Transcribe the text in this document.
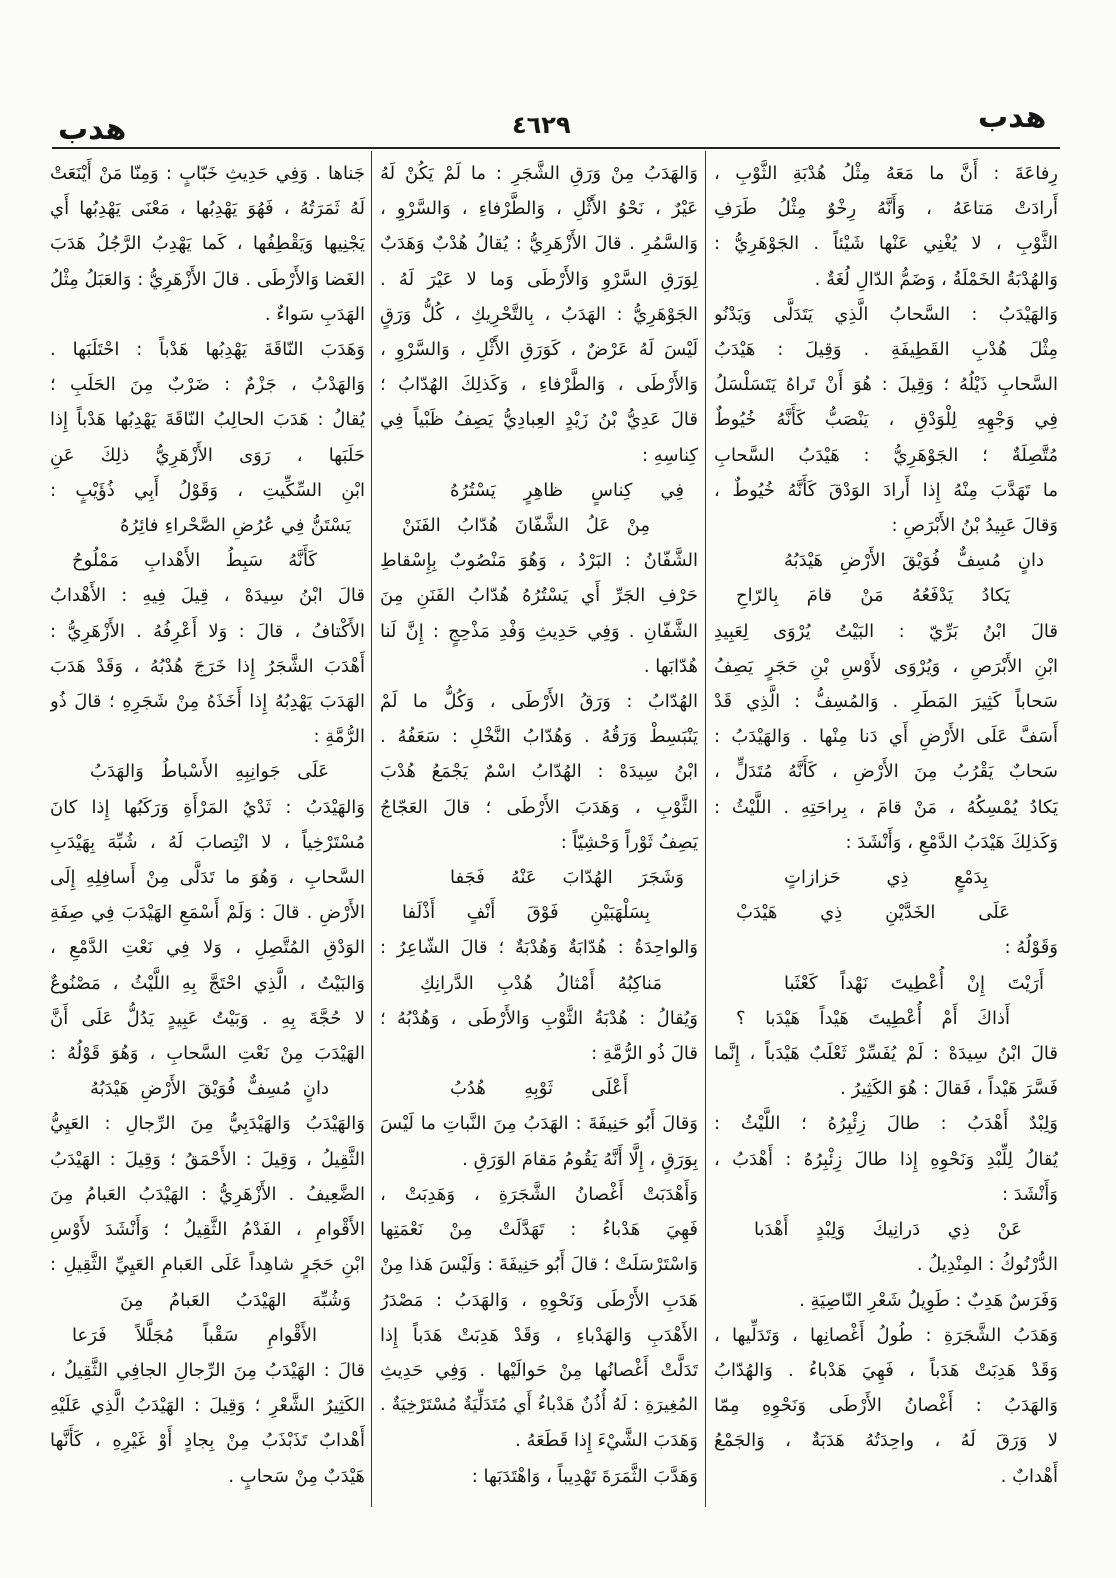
هدب
٤٦٢٩
هدب
رِفاعَةَ : أَنَّ ما مَعَهُ مِثْلُ هُدْبَةِ الثَّوْبِ ،
أَرادَتْ مَتاعَهُ ، وَأَنَّهُ رِخْوٌ مِثْلُ طَرَفِ
الثَّوْبِ ، لا يُغْنِي عَنْها شَيْئاً . الجَوْهَرِيُّ :
وَالهُدْبَةُ الخَمْلَةُ ، وَضَمُّ الدّالِ لُغَةٌ .
وَالهَيْدَبُ : السَّحابُ الَّذِي يَتَدَلَّى وَيَدْنُو
مِثْلَ هُدْبِ القَطِيفَةِ . وَقِيلَ : هَيْدَبُ
السَّحابِ ذَيْلُهُ ؛ وَقِيلَ : هُوَ أَنْ تَراهُ يَتَسَلْسَلُ
فِي وَجْهِهِ لِلْوَدْقِ ، يَنْصَبُّ كَأَنَّهُ خُيُوطٌ
مُتَّصِلَةٌ ؛ الجَوْهَرِيُّ : هَيْدَبُ السَّحابِ
ما تَهَدَّبَ مِنْهُ إِذا أَرادَ الوَدْقَ كَأَنَّهُ خُيُوطٌ ،
وَقالَ عَبِيدُ بْنُ الأَبْرَصِ :
دانٍ مُسِفٌّ فُوَيْقَ الأَرْضِ هَيْدَبُهُ
يَكادُ يَدْفَعُهُ مَنْ قامَ بِالرّاحِ
قالَ ابْنُ بَرِّيّ : البَيْتُ يُرْوَى لِعَبِيدِ
ابْنِ الأَبْرَصِ ، وَيُرْوَى لأَوْسِ بْنِ حَجَرٍ يَصِفُ
سَحاباً كَثِيرَ المَطَرِ . وَالمُسِفُّ : الَّذِي قَدْ
أَسَفَّ عَلَى الأَرْضِ أَي دَنا مِنْها . وَالهَيْدَبُ :
سَحابٌ يَقْرُبُ مِنَ الأَرْضِ ، كَأَنَّهُ مُتَدَلٍّ ،
يَكادُ يُمْسِكُهُ ، مَنْ قامَ ، بِراحَتِهِ . اللَّيْثُ :
وَكَذلِكَ هَيْدَبُ الدَّمْعِ ، وَأَنْشَدَ :
بِدَمْعٍ ذِي حَزازاتٍ
عَلَى الخَدَّيْنِ ذِي هَيْدَبْ
وَقَوْلُهُ :
أَرَيْتَ إِنْ أُعْطِيتَ نَهْداً كَعْثَبا
أَذاكَ أَمْ أُعْطِيتَ هَيْداً هَيْدَبا ؟
قالَ ابْنُ سِيدَهْ : لَمْ يُفَسِّرْ ثَعْلَبٌ هَيْدَباً ، إِنَّما
فَسَّرَ هَيْداً ، فَقالَ : هُوَ الكَثِيرُ .
وَلِبْدٌ أَهْدَبُ : طالَ زِئْبِرُهُ ؛ اللَّيْثُ :
يُقالُ لِلِّبْدِ وَنَحْوِهِ إِذا طالَ زِئْبِرُهُ : أَهْدَبُ ،
وَأَنْشَدَ :
عَنْ ذِي دَرانِيكَ وَلِبْدٍ أَهْدَبا
الدُّرْنُوكُ : المِنْدِيلُ .
وَفَرَسٌ هَدِبٌ : طَوِيلُ شَعْرِ النّاصِيَةِ .
وَهَدَبُ الشَّجَرَةِ : طُولُ أَغْصانِها ، وَتَدَلِّيها ،
وَقَدْ هَدِبَتْ هَدَباً ، فَهِيَ هَدْباءُ . وَالهُدّابُ
وَالهَدَبُ : أَغْصانُ الأَرْطَى وَنَحْوِهِ مِمّا
لا وَرَقَ لَهُ ، واحِدَتُهُ هَدَبَةٌ ، وَالجَمْعُ
أَهْدابٌ .
وَالهَدَبُ مِنْ وَرَقِ الشَّجَرِ : ما لَمْ يَكُنْ لَهُ
عَيْرٌ ، نَحْوُ الأَثْلِ ، وَالطَّرْفاءِ ، وَالسَّرْوِ ،
وَالسَّمُرِ . قالَ الأَزْهَرِيُّ : يُقالُ هُدْبٌ وَهَدَبٌ
لِوَرَقِ السَّرْوِ وَالأَرْطَى وَما لا عَيْرَ لَهُ .
الجَوْهَرِيُّ : الهَدَبُ ، بِالتَّحْرِيكِ ، كُلُّ وَرَقٍ
لَيْسَ لَهُ عَرْضٌ ، كَوَرَقِ الأَثْلِ ، وَالسَّرْوِ ،
وَالأَرْطَى ، وَالطَّرْفاءِ ، وَكَذلِكَ الهُدّابُ ؛
قالَ عَدِيُّ بْنُ زَيْدٍ العِبادِيُّ يَصِفُ ظَبْياً فِي
كِناسِهِ :
فِي كِناسٍ ظاهِرٍ يَسْتُرُهُ
مِنْ عَلُ الشَّفّانَ هُدّابُ الفَنَنْ
الشَّفّانُ : البَرْدُ ، وَهُوَ مَنْصُوبٌ بِإِسْقاطِ
حَرْفِ الجَرِّ أَي يَسْتُرُهُ هُدّابُ الفَنَنِ مِنَ
الشَّفّانِ . وَفِي حَدِيثِ وَفْدِ مَذْحِجٍ : إِنَّ لَنا
هُدّابَها .
الهُدّابُ : وَرَقُ الأَرْطَى ، وَكُلُّ ما لَمْ
يَنْبَسِطْ وَرَقُهُ . وَهُدّابُ النَّخْلِ : سَعَفُهُ .
ابْنُ سِيدَهْ : الهُدّابُ اسْمٌ يَجْمَعُ هُدْبَ
الثَّوْبِ ، وَهَدَبَ الأَرْطَى ؛ قالَ العَجّاجُ
يَصِفُ ثَوْراً وَحْشِيّاً :
وَشَجَرَ الهُدّابَ عَنْهُ فَجَفا
بِسَلْهَبَيْنِ فَوْقَ أَنْفٍ أَذْلَفا
وَالواحِدَةُ : هُدّابَةٌ وَهُدْبَةٌ ؛ قالَ الشّاعِرُ :
مَناكِبُهُ أَمْثالُ هُدْبِ الدَّرانِكِ
وَيُقالُ : هُدْبَةُ الثَّوْبِ وَالأَرْطَى ، وَهُدْبُهُ ؛
قالَ ذُو الرُّمَّةِ :
أَعْلَى ثَوْبِهِ هُدُبُ
وَقالَ أَبُو حَنِيفَةَ : الهَدَبُ مِنَ النَّباتِ ما لَيْسَ
بِوَرَقٍ ، إِلَّا أَنَّهُ يَقُومُ مَقامَ الوَرَقِ .
وَأَهْدَبَتْ أَغْصانُ الشَّجَرَةِ ، وَهَدِبَتْ ،
فَهِيَ هَدْباءُ : تَهَدَّلَتْ مِنْ نَعْمَتِها
وَاسْتَرْسَلَتْ ؛ قالَ أَبُو حَنِيفَةَ : وَلَيْسَ هَذا مِنْ
هَدَبِ الأَرْطَى وَنَحْوِهِ ، وَالهَدَبُ : مَصْدَرُ
الأَهْدَبِ وَالهَدْباءِ ، وَقَدْ هَدِبَتْ هَدَباً إِذا
تَدَلَّتْ أَغْصانُها مِنْ حَوالَيْها . وَفِي حَدِيثِ
المُغِيرَةِ : لَهُ أُذُنٌ هَدْباءُ أَي مُتَدَلِّيَةٌ مُسْتَرْخِيَةٌ .
وَهَدَبَ الشَّيْءَ إِذا قَطَعَهُ .
وَهَدَّبَ الثَّمَرَةَ تَهْدِيباً ، وَاهْتَدَبَها :
جَناها . وَفِي حَدِيثِ خَبّابٍ : وَمِنّا مَنْ أَيْنَعَتْ
لَهُ ثَمَرَتُهُ ، فَهُوَ يَهْدِبُها ، مَعْنَى يَهْدِبُها أَي
يَجْنِيها وَيَقْطِفُها ، كَما يَهْدِبُ الرَّجُلُ هَدَبَ
الغَضا وَالأَرْطَى . قالَ الأَزْهَرِيُّ : وَالعَبَلُ مِثْلُ
الهَدَبِ سَواءٌ .
وَهَدَبَ النّاقَةَ يَهْدِبُها هَدْباً : احْتَلَبَها .
وَالهَدْبُ ، جَزْمٌ : ضَرْبٌ مِنَ الحَلَبِ ؛
يُقالُ : هَدَبَ الحالِبُ النّاقَةَ يَهْدِبُها هَدْباً إِذا
حَلَبَها ، رَوَى الأَزْهَرِيُّ ذلِكَ عَنِ
ابْنِ السِّكِّيتِ ، وَقَوْلُ أَبِي ذُؤَيْبٍ :
يَسْتَنُّ فِي عُرُضِ الصَّحْراءِ فائِرُهُ
كَأَنَّهُ سَبِطُ الأَهْدابِ مَمْلُوحُ
قالَ ابْنُ سِيدَهْ ، قِيلَ فِيهِ : الأَهْدابُ
الأَكْتافُ ، قالَ : وَلا أَعْرِفُهُ . الأَزْهَرِيُّ :
أَهْدَبَ الشَّجَرُ إِذا خَرَجَ هُدْبُهُ ، وَقَدْ هَدَبَ
الهَدَبَ يَهْدِبُهُ إِذا أَخَذَهُ مِنْ شَجَرِهِ ؛ قالَ ذُو
الرُّمَّةِ :
عَلَى جَوانِبِهِ الأَسْباطُ وَالهَدَبُ
وَالهَيْدَبُ : ثَدْيُ المَرْأَةِ وَرَكَبُها إِذا كانَ
مُسْتَرْخِياً ، لا انْتِصابَ لَهُ ، شُبِّهَ بِهَيْدَبِ
السَّحابِ ، وَهُوَ ما تَدَلَّى مِنْ أَسافِلِهِ إِلَى
الأَرْضِ . قالَ : وَلَمْ أَسْمَعِ الهَيْدَبَ فِي صِفَةِ
الوَدْقِ المُتَّصِلِ ، وَلا فِي نَعْتِ الدَّمْعِ ،
وَالبَيْتُ ، الَّذِي احْتَجَّ بِهِ اللَّيْثُ ، مَصْنُوعٌ
لا حُجَّةَ بِهِ . وَبَيْتُ عَبِيدٍ يَدُلُّ عَلَى أَنَّ
الهَيْدَبَ مِنْ نَعْتِ السَّحابِ ، وَهُوَ قَوْلُهُ :
دانٍ مُسِفٌّ فُوَيْقَ الأَرْضِ هَيْدَبُهُ
وَالهَيْدَبُ وَالهَيْدَبِيُّ مِنَ الرِّجالِ : العَيِيُّ
الثَّقِيلُ ، وَقِيلَ : الأَحْمَقُ ؛ وَقِيلَ : الهَيْدَبُ
الضَّعِيفُ . الأَزْهَرِيُّ : الهَيْدَبُ العَبامُ مِنَ
الأَقْوامِ ، الفَدْمُ الثَّقِيلُ ؛ وَأَنْشَدَ لأَوْسِ
ابْنِ حَجَرٍ شاهِداً عَلَى العَبامِ العَيِيِّ الثَّقِيلِ :
وَشُبِّهَ الهَيْدَبُ العَبامُ مِنَ
الأَقْوامِ سَقْباً مُجَلَّلاً فَرَعا
قالَ : الهَيْدَبُ مِنَ الرِّجالِ الجافِي الثَّقِيلُ ،
الكَثِيرُ الشَّعْرِ ؛ وَقِيلَ : الهَيْدَبُ الَّذِي عَلَيْهِ
أَهْدابٌ تَذَبْذَبُ مِنْ بِجادٍ أَوْ غَيْرِهِ ، كَأَنَّها
هَيْدَبٌ مِنْ سَحابٍ .
